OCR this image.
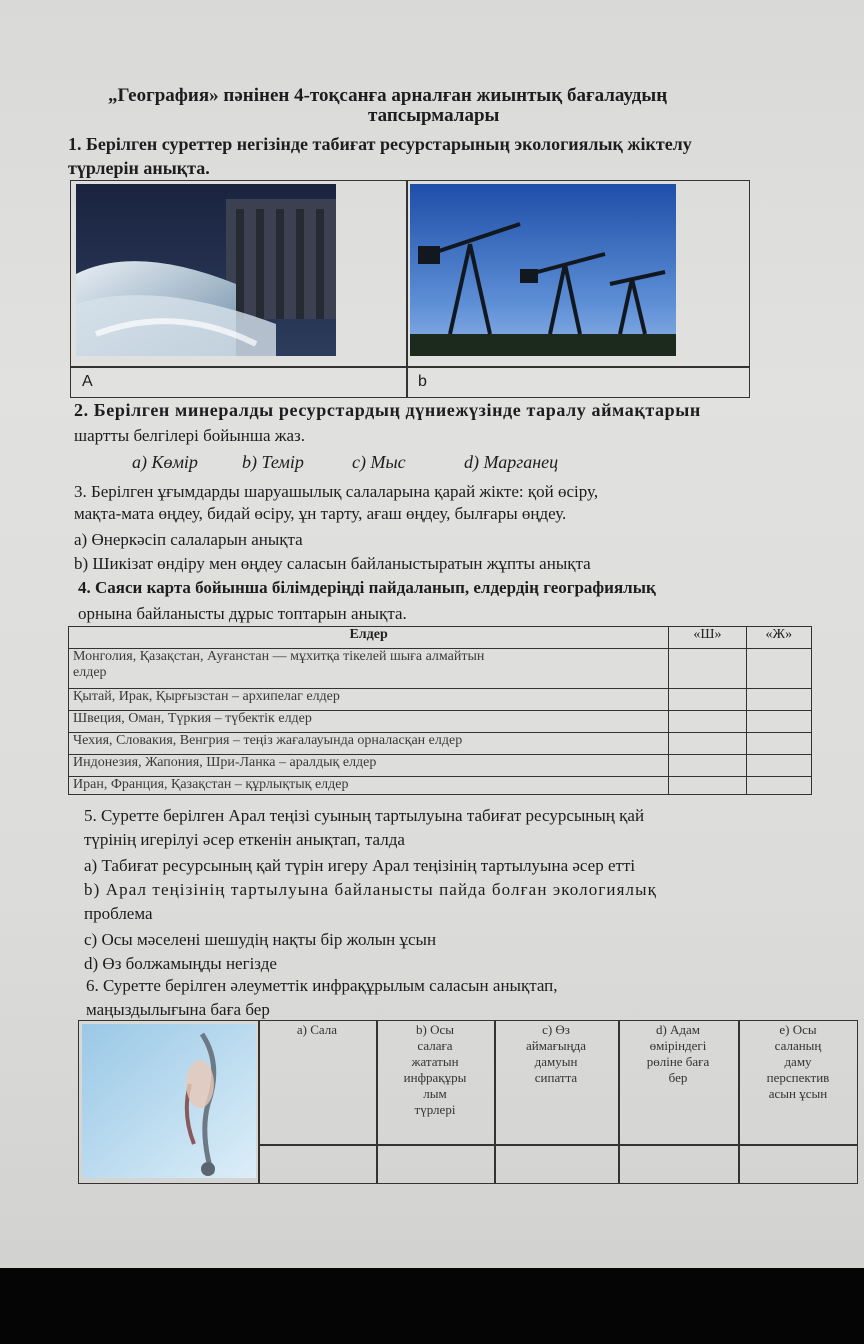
„География» пәнінен 4-тоқсанға арналған жиынтық бағалаудың
тапсырмалары
1. Берілген суреттер негізінде табиғат ресурстарының экологиялық жіктелу
түрлерін анықта.
A	b
2. Берілген минералды ресурстардың дүниежүзінде таралу аймақтарын
шартты белгілері бойынша жаз.
a) Көмір b) Темір	c) Мыс	d) Марганец
3. Берілген ұғымдарды шаруашылық салаларына қарай жікте: қой өсіру,
мақта-мата өңдеу, бидай өсіру, ұн тарту, ағаш өңдеу, былғары өңдеу.
a) Өнеркәсіп салаларын анықта
b) Шикізат өндіру мен өңдеу саласын байланыстыратын жұпты анықта
4. Саяси карта бойынша білімдеріңді пайдаланып, елдердің географиялық
орнына байланысты дұрыс топтарын анықта.
Елдер	«Ш»	«Ж»

Монголия, Қазақстан, Ауғанстан — мұхитқа тікелей шыға алмайтын
елдер		

Қытай, Ирак, Қырғызстан – архипелаг елдер		
Швеция, Оман, Түркия – түбектік елдер		
Чехия, Словакия, Венгрия – теңіз жағалауында орналасқан елдер		
Индонезия, Жапония, Шри-Ланка – аралдық елдер		
Иран, Франция, Қазақстан – құрлықтық елдер		
5. Суретте берілген Арал теңізі суының тартылуына табиғат ресурсының қай
түрінің игерілуі әсер еткенін анықтап, талда
a) Табиғат ресурсының қай түрін игеру Арал теңізінің тартылуына әсер етті
b) Арал теңізінің тартылуына байланысты пайда болған экологиялық
проблема
c) Осы мәселені шешудің нақты бір жолын ұсын
d) Өз болжамыңды негізде
6. Суретте берілген әлеуметтік инфрақұрылым саласын анықтап,
маңыздылығына баға бер
a) Сала	b) Осы
салаға
жататын
инфрақұры
лым
түрлері
c) Өз
аймағыңда
дамуын
сипатта
d) Адам
өміріндегі
рөліне баға
бер
e) Осы
саланың
даму
перспектив
асын ұсын
